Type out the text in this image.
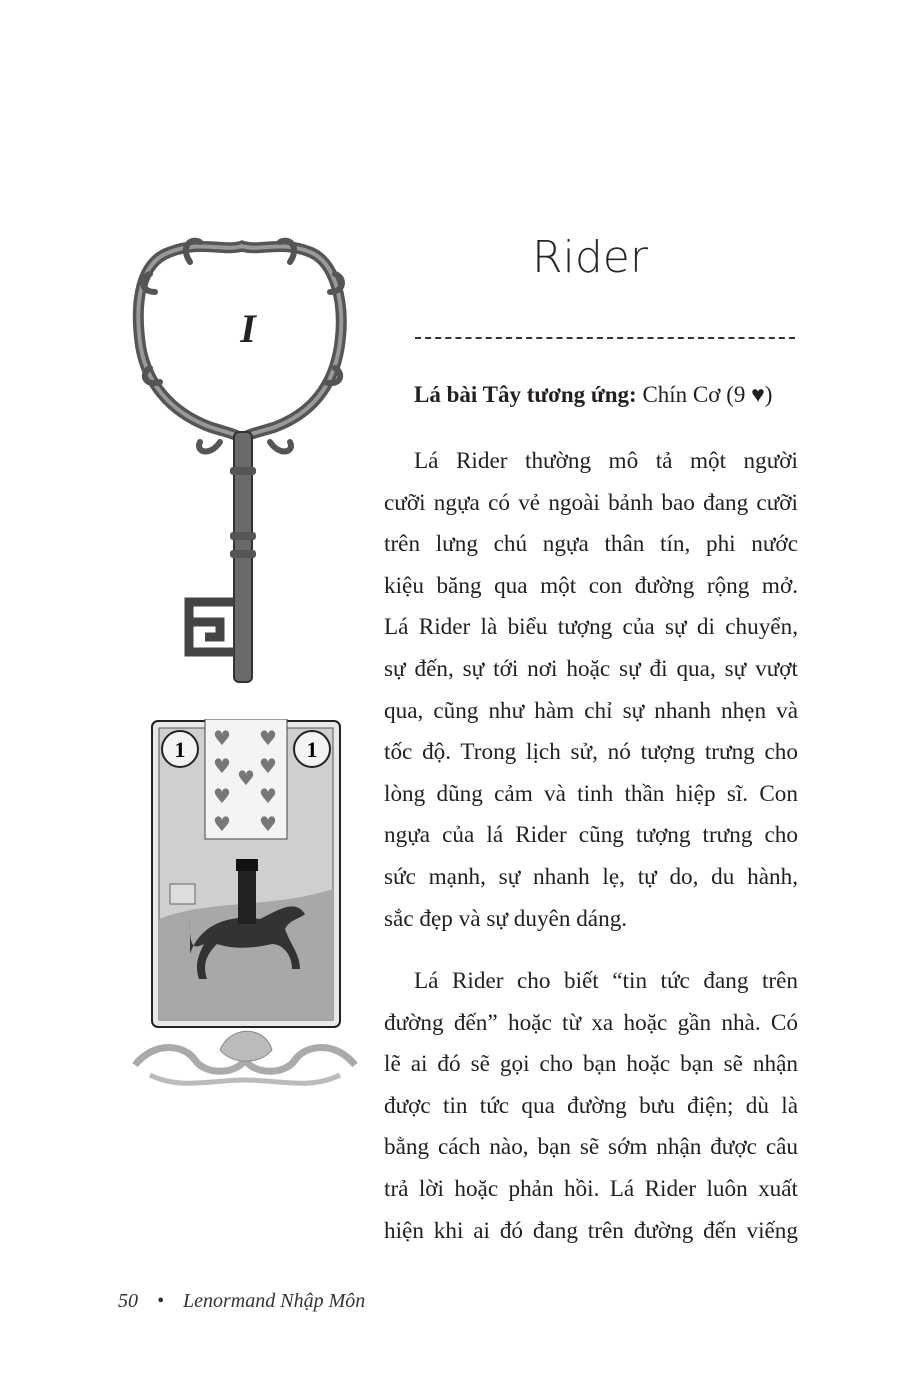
I
♥ ♥
♥ ♥ ♥
♥ ♥
♥ ♥
1	1
Rider
Lá bài Tây tương ứng: Chín Cơ (9 ♥)
Lá Rider thường mô tả một người
cưỡi ngựa có vẻ ngoài bảnh bao đang cưỡi
trên lưng chú ngựa thân tín, phi nước
kiệu băng qua một con đường rộng mở.
Lá Rider là biểu tượng của sự di chuyển,
sự đến, sự tới nơi hoặc sự đi qua, sự vượt
qua, cũng như hàm chỉ sự nhanh nhẹn và
tốc độ. Trong lịch sử, nó tượng trưng cho
lòng dũng cảm và tinh thần hiệp sĩ. Con
ngựa của lá Rider cũng tượng trưng cho
sức mạnh, sự nhanh lẹ, tự do, du hành,
sắc đẹp và sự duyên dáng.
Lá Rider cho biết “tin tức đang trên
đường đến” hoặc từ xa hoặc gần nhà. Có
lẽ ai đó sẽ gọi cho bạn hoặc bạn sẽ nhận
được tin tức qua đường bưu điện; dù là
bằng cách nào, bạn sẽ sớm nhận được câu
trả lời hoặc phản hồi. Lá Rider luôn xuất
hiện khi ai đó đang trên đường đến viếng
50 • Lenormand Nhập Môn
